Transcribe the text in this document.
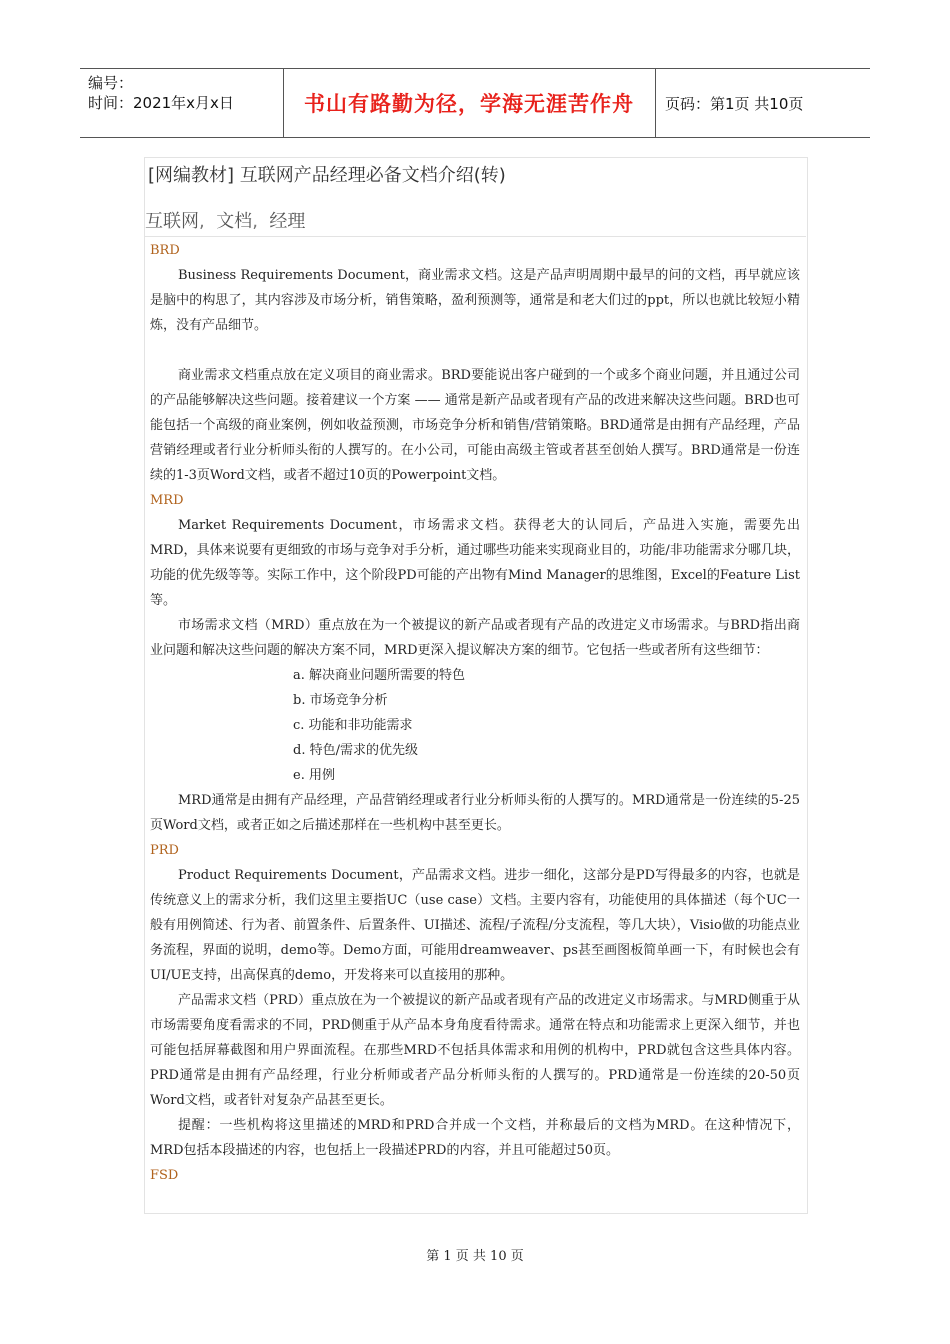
编号：
时间：2021年x月x日	书山有路勤为径，学海无涯苦作舟	页码：第1页 共10页
[网编教材] 互联网产品经理必备文档介绍(转)
互联网, 文档, 经理
BRD

Business Requirements Document，商业需求文档。这是产品声明周期中最早的问的文档，再早就应该是脑中的构思了，其内容涉及市场分析，销售策略，盈利预测等，通常是和老大们过的ppt，所以也就比较短小精炼，没有产品细节。

商业需求文档重点放在定义项目的商业需求。BRD要能说出客户碰到的一个或多个商业问题，并且通过公司的产品能够解决这些问题。接着建议一个方案 —— 通常是新产品或者现有产品的改进来解决这些问题。BRD也可能包括一个高级的商业案例，例如收益预测，市场竞争分析和销售/营销策略。BRD通常是由拥有产品经理，产品营销经理或者行业分析师头衔的人撰写的。在小公司，可能由高级主管或者甚至创始人撰写。BRD通常是一份连续的1-3页Word文档，或者不超过10页的Powerpoint文档。

MRD

Market Requirements Document，市场需求文档。获得老大的认同后，产品进入实施，需要先出MRD，具体来说要有更细致的市场与竞争对手分析，通过哪些功能来实现商业目的，功能/非功能需求分哪几块，功能的优先级等等。实际工作中，这个阶段PD可能的产出物有Mind Manager的思维图，Excel的Feature List等。

市场需求文档（MRD）重点放在为一个被提议的新产品或者现有产品的改进定义市场需求。与BRD指出商业问题和解决这些问题的解决方案不同，MRD更深入提议解决方案的细节。它包括一些或者所有这些细节：

a. 解决商业问题所需要的特色
b. 市场竞争分析
c. 功能和非功能需求
d. 特色/需求的优先级
e. 用例

MRD通常是由拥有产品经理，产品营销经理或者行业分析师头衔的人撰写的。MRD通常是一份连续的5-25页Word文档，或者正如之后描述那样在一些机构中甚至更长。

PRD

Product Requirements Document，产品需求文档。进步一细化，这部分是PD写得最多的内容，也就是传统意义上的需求分析，我们这里主要指UC（use case）文档。主要内容有，功能使用的具体描述（每个UC一般有用例简述、行为者、前置条件、后置条件、UI描述、流程/子流程/分支流程，等几大块），Visio做的功能点业务流程，界面的说明，demo等。Demo方面，可能用dreamweaver、ps甚至画图板简单画一下，有时候也会有UI/UE支持，出高保真的demo，开发将来可以直接用的那种。

产品需求文档（PRD）重点放在为一个被提议的新产品或者现有产品的改进定义市场需求。与MRD侧重于从市场需要角度看需求的不同，PRD侧重于从产品本身角度看待需求。通常在特点和功能需求上更深入细节，并也可能包括屏幕截图和用户界面流程。在那些MRD不包括具体需求和用例的机构中，PRD就包含这些具体内容。PRD通常是由拥有产品经理，行业分析师或者产品分析师头衔的人撰写的。PRD通常是一份连续的20-50页Word文档，或者针对复杂产品甚至更长。

提醒：一些机构将这里描述的MRD和PRD合并成一个文档，并称最后的文档为MRD。在这种情况下，MRD包括本段描述的内容，也包括上一段描述PRD的内容，并且可能超过50页。

FSD
第 1 页 共 10 页
